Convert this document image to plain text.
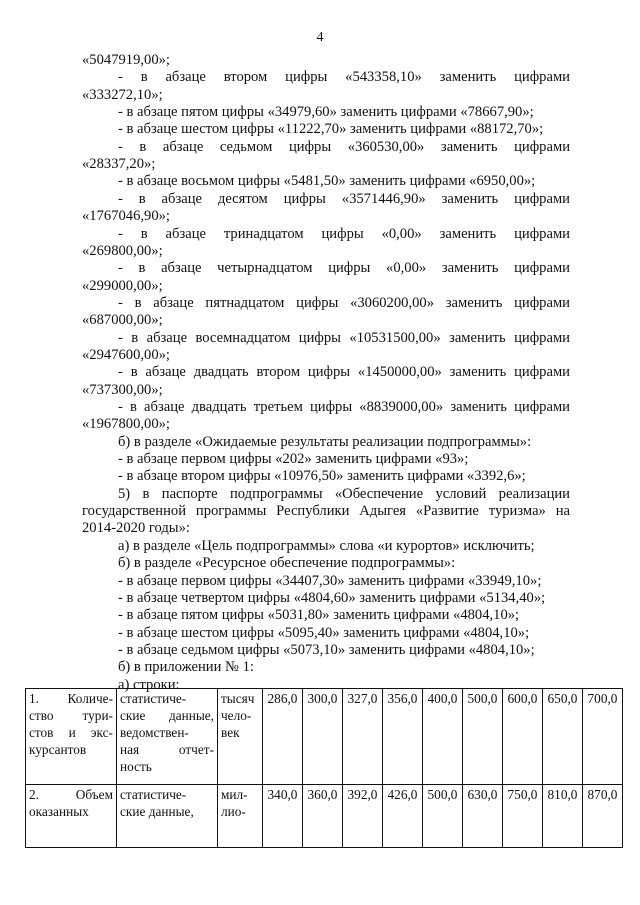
4
«5047919,00»;
- в абзаце втором цифры «543358,10» заменить цифрами
«333272,10»;
- в абзаце пятом цифры «34979,60» заменить цифрами «78667,90»;
- в абзаце шестом цифры «11222,70» заменить цифрами «88172,70»;
- в абзаце седьмом цифры «360530,00» заменить цифрами
«28337,20»;
- в абзаце восьмом цифры «5481,50» заменить цифрами «6950,00»;
- в абзаце десятом цифры «3571446,90» заменить цифрами
«1767046,90»;
- в абзаце тринадцатом цифры «0,00» заменить цифрами
«269800,00»;
- в абзаце четырнадцатом цифры «0,00» заменить цифрами
«299000,00»;
- в абзаце пятнадцатом цифры «3060200,00» заменить цифрами
«687000,00»;
- в абзаце восемнадцатом цифры «10531500,00» заменить цифрами
«2947600,00»;
- в абзаце двадцать втором цифры «1450000,00» заменить цифрами
«737300,00»;
- в абзаце двадцать третьем цифры «8839000,00» заменить цифрами
«1967800,00»;
б) в разделе «Ожидаемые результаты реализации подпрограммы»:
- в абзаце первом цифры «202» заменить цифрами «93»;
- в абзаце втором цифры «10976,50» заменить цифрами «3392,6»;
5) в паспорте подпрограммы «Обеспечение условий реализации
государственной программы Республики Адыгея «Развитие туризма» на
2014-2020 годы»:
а) в разделе «Цель подпрограммы» слова «и курортов» исключить;
б) в разделе «Ресурсное обеспечение подпрограммы»:
- в абзаце первом цифры «34407,30» заменить цифрами «33949,10»;
- в абзаце четвертом цифры «4804,60» заменить цифрами «5134,40»;
- в абзаце пятом цифры «5031,80» заменить цифрами «4804,10»;
- в абзаце шестом цифры «5095,40» заменить цифрами «4804,10»;
- в абзаце седьмом цифры «5073,10» заменить цифрами «4804,10»;
б) в приложении № 1:
а) строки:
1. Количе-
ство тури-
стов и экс-
курсантов	статистиче-
ские данные,
ведомствен-
ная отчет-
ность	тысяч
чело-
век	286,0	300,0	327,0	356,0	400,0	500,0	600,0	650,0	700,0

2. Объем
оказанных	статистиче-
ские данные,	мил-
лио-	340,0	360,0	392,0	426,0	500,0	630,0	750,0	810,0	870,0
